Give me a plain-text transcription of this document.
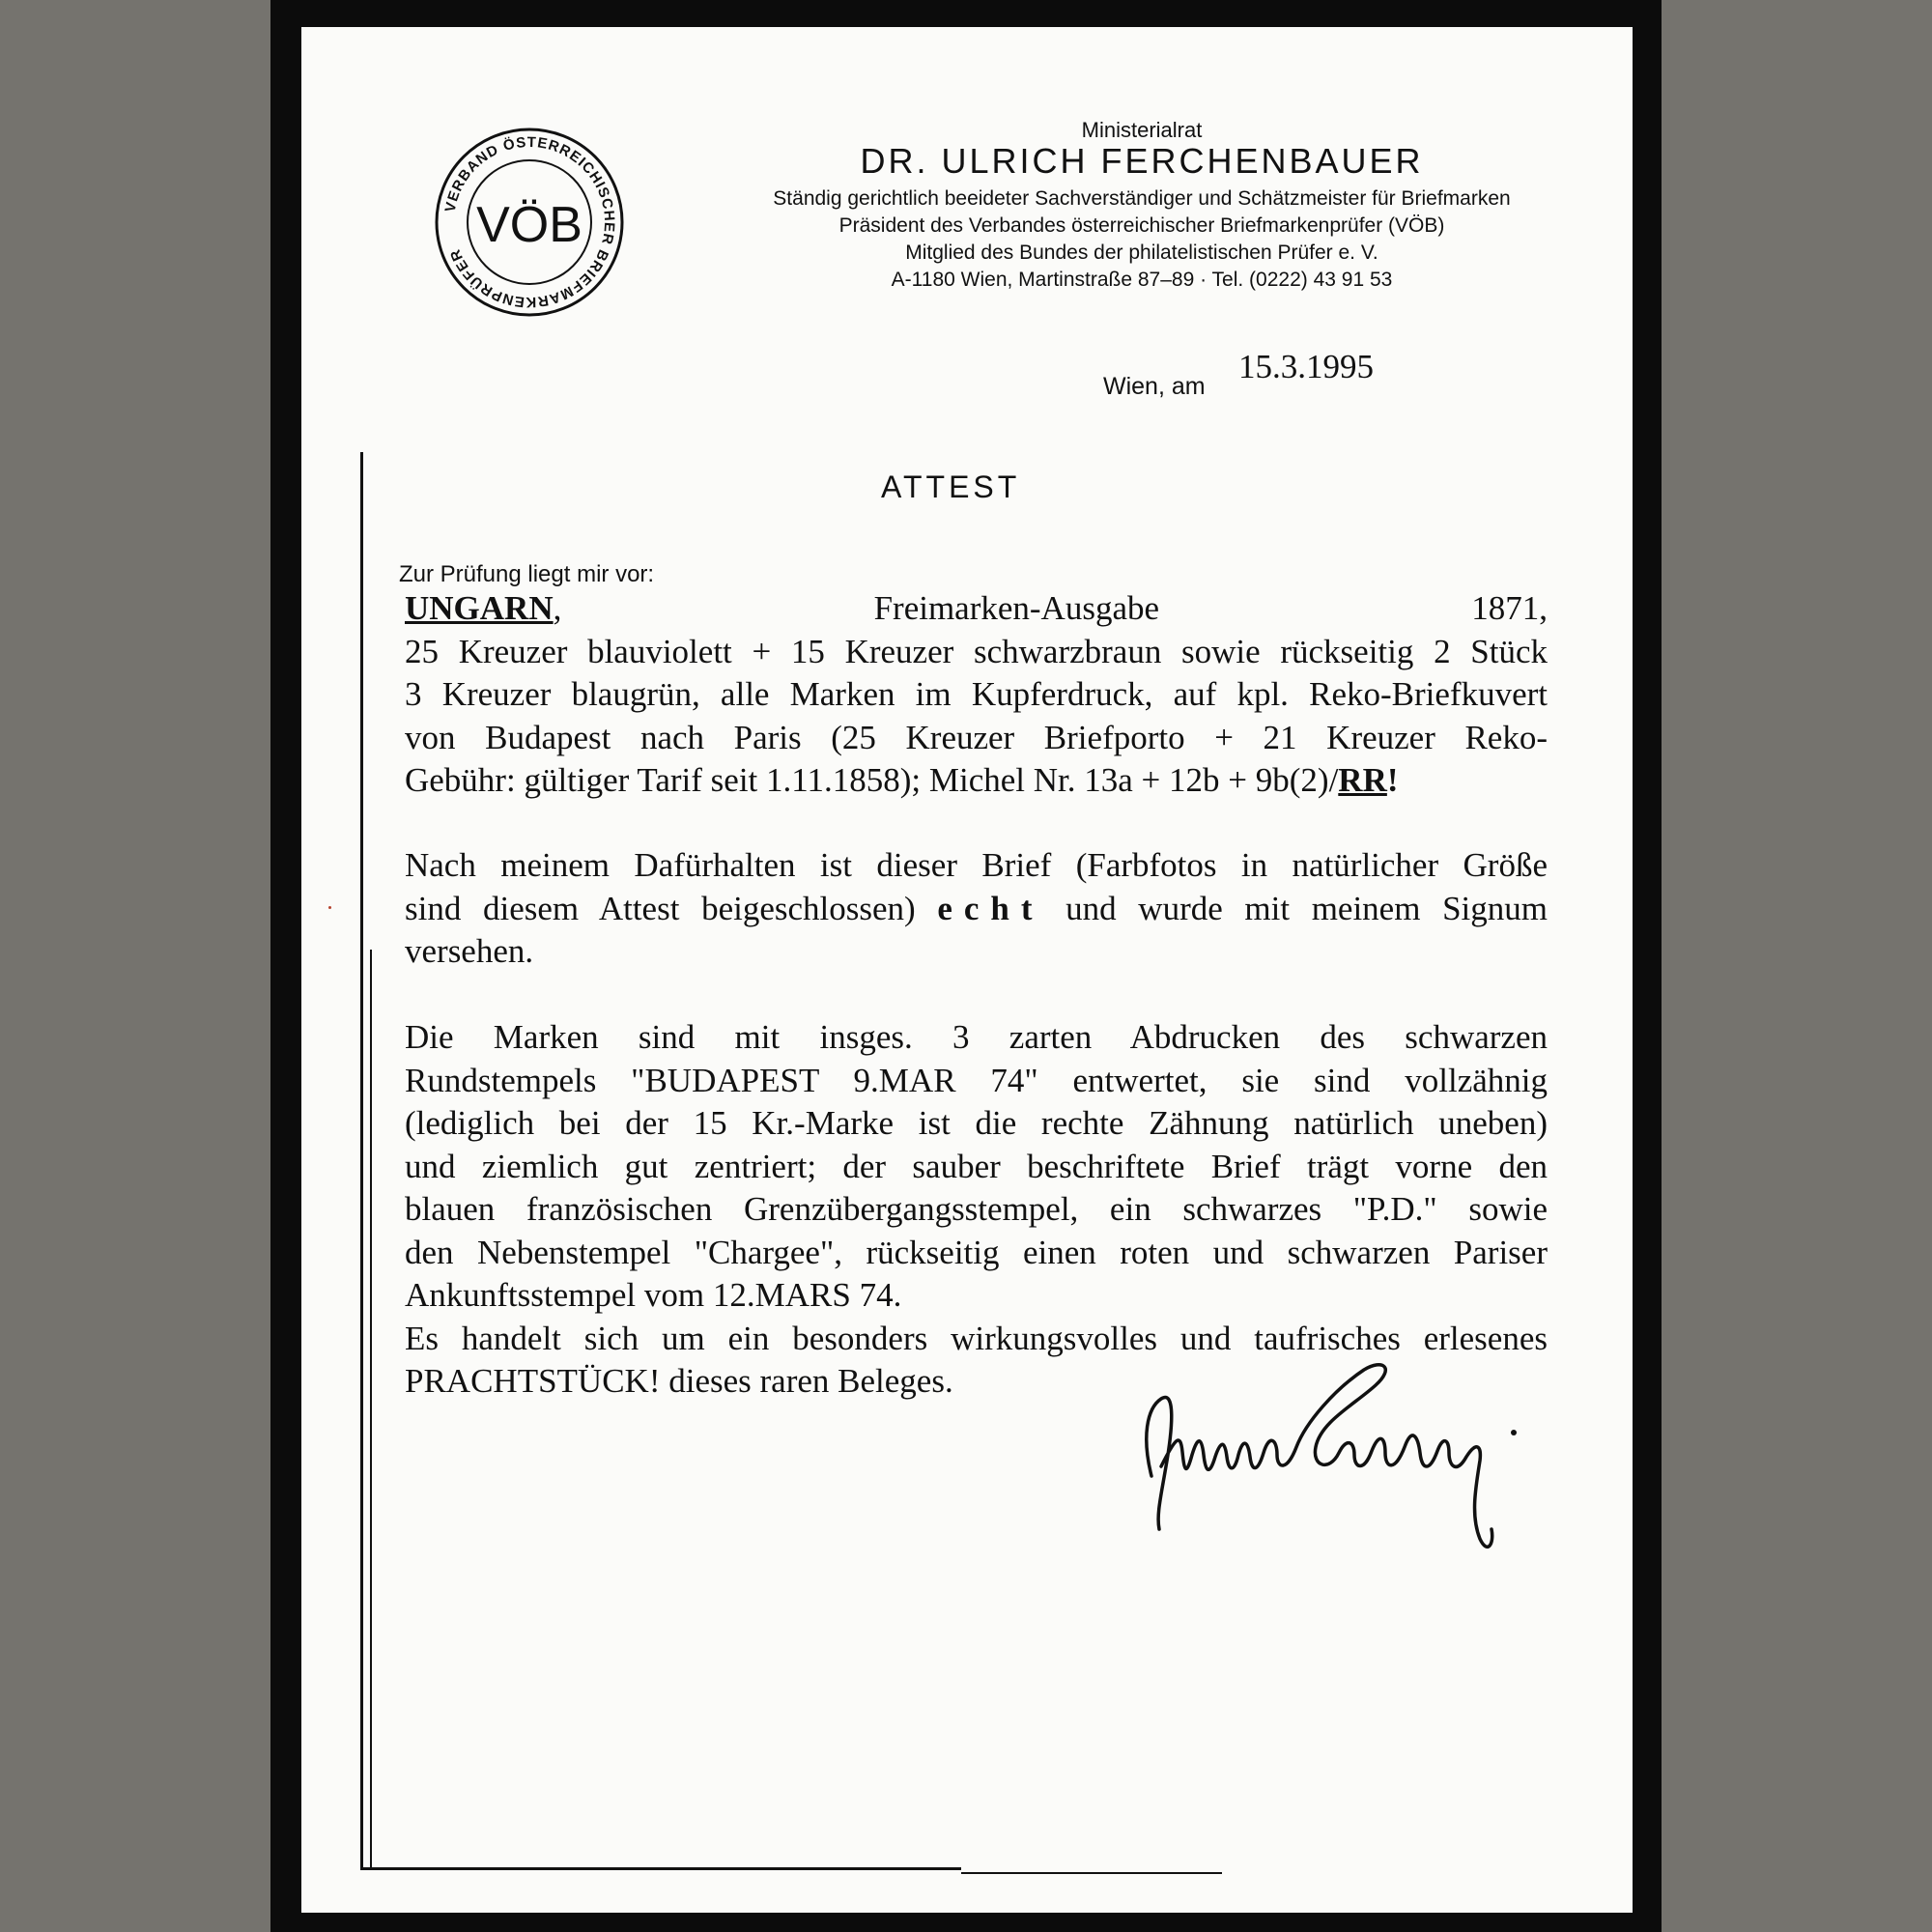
VERBAND ÖSTERREICHISCHER BRIEFMARKENPRÜFER
VÖB
Ministerialrat
DR. ULRICH FERCHENBAUER
Ständig gerichtlich beeideter Sachverständiger und Schätzmeister für Briefmarken
Präsident des Verbandes österreichischer Briefmarkenprüfer (VÖB)
Mitglied des Bundes der philatelistischen Prüfer e. V.
A-1180 Wien, Martinstraße 87–89 · Tel. (0222) 43 91 53
Wien, am
15.3.1995
ATTEST
Zur Prüfung liegt mir vor:
UNGARN, Freimarken-Ausgabe 1871,
25 Kreuzer blauviolett + 15 Kreuzer schwarzbraun sowie rückseitig 2 Stück
3 Kreuzer blaugrün, alle Marken im Kupferdruck, auf kpl. Reko-Briefkuvert
von Budapest nach Paris (25 Kreuzer Briefporto + 21 Kreuzer Reko-
Gebühr: gültiger Tarif seit 1.11.1858); Michel Nr. 13a + 12b + 9b(2)/RR!
Nach meinem Dafürhalten ist dieser Brief (Farbfotos in natürlicher Größe
sind diesem Attest beigeschlossen) echt und wurde mit meinem Signum
versehen.
Die Marken sind mit insges. 3 zarten Abdrucken des schwarzen
Rundstempels "BUDAPEST 9.MAR 74" entwertet, sie sind vollzähnig
(lediglich bei der 15 Kr.-Marke ist die rechte Zähnung natürlich uneben)
und ziemlich gut zentriert; der sauber beschriftete Brief trägt vorne den
blauen französischen Grenzübergangsstempel, ein schwarzes "P.D." sowie
den Nebenstempel "Chargee", rückseitig einen roten und schwarzen Pariser
Ankunftsstempel vom 12.MARS 74.
Es handelt sich um ein besonders wirkungsvolles und taufrisches erlesenes
PRACHTSTÜCK! dieses raren Beleges.
